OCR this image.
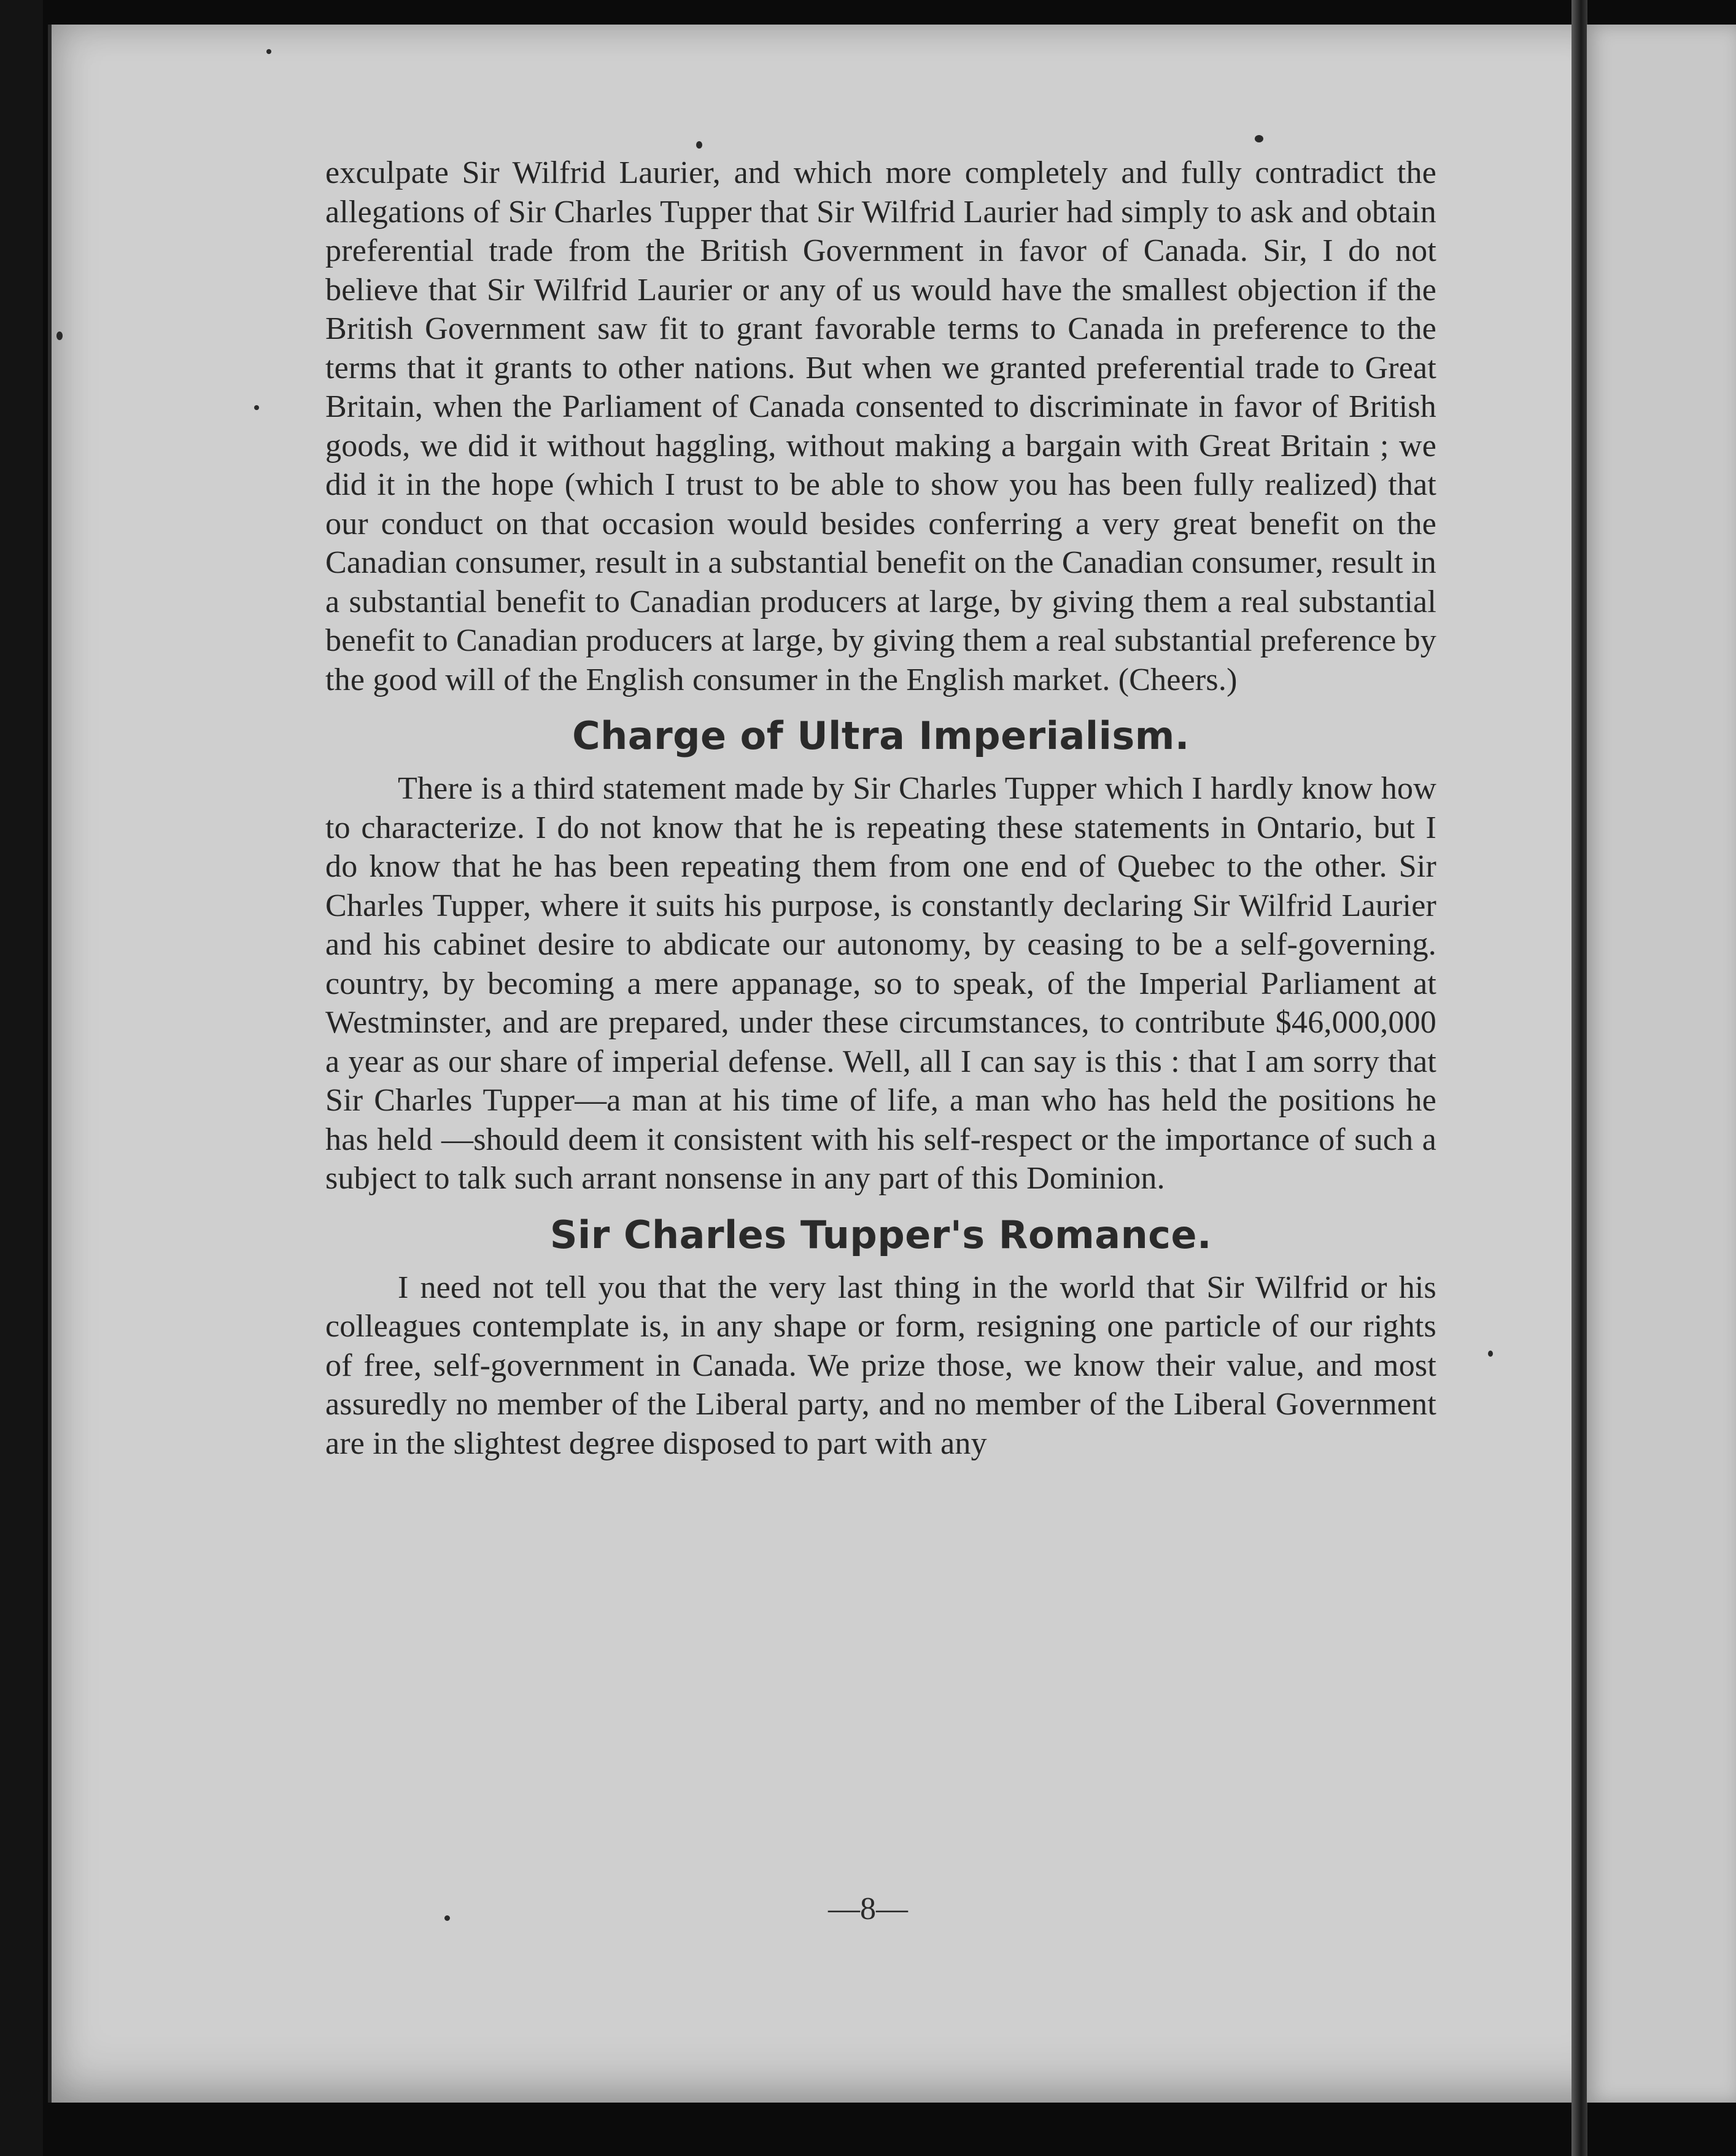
exculpate Sir Wilfrid Laurier, and which more completely and fully contradict the allegations of Sir Charles Tupper that Sir Wilfrid Laurier had simply to ask and obtain preferential trade from the British Government in favor of Canada. Sir, I do not believe that Sir Wilfrid Laurier or any of us would have the smallest objection if the British Government saw fit to grant favorable terms to Canada in preference to the terms that it grants to other nations. But when we granted preferential trade to Great Britain, when the Parliament of Canada consented to discriminate in favor of British goods, we did it without haggling, without making a bargain with Great Britain ; we did it in the hope (which I trust to be able to show you has been fully realized) that our conduct on that occasion would besides conferring a very great benefit on the Canadian consumer, result in a substantial benefit on the Canadian consumer, result in a substantial benefit to Canadian producers at large, by giving them a real substantial benefit to Canadian producers at large, by giving them a real substantial preference by the good will of the English consumer in the English market. (Cheers.)

Charge of Ultra Imperialism.

There is a third statement made by Sir Charles Tupper which I hardly know how to characterize. I do not know that he is repeating these statements in Ontario, but I do know that he has been repeating them from one end of Quebec to the other. Sir Charles Tupper, where it suits his purpose, is constantly declaring Sir Wilfrid Laurier and his cabinet desire to abdicate our autonomy, by ceasing to be a self-governing. country, by becoming a mere appanage, so to speak, of the Imperial Parliament at Westminster, and are prepared, under these circumstances, to contribute $46,000,000 a year as our share of imperial defense. Well, all I can say is this : that I am sorry that Sir Charles Tupper—a man at his time of life, a man who has held the positions he has held —should deem it consistent with his self-respect or the importance of such a subject to talk such arrant nonsense in any part of this Dominion.

Sir Charles Tupper's Romance.

I need not tell you that the very last thing in the world that Sir Wilfrid or his colleagues contemplate is, in any shape or form, resigning one particle of our rights of free, self-government in Canada. We prize those, we know their value, and most assuredly no member of the Liberal party, and no member of the Liberal Government are in the slightest degree disposed to part with any

—8—
